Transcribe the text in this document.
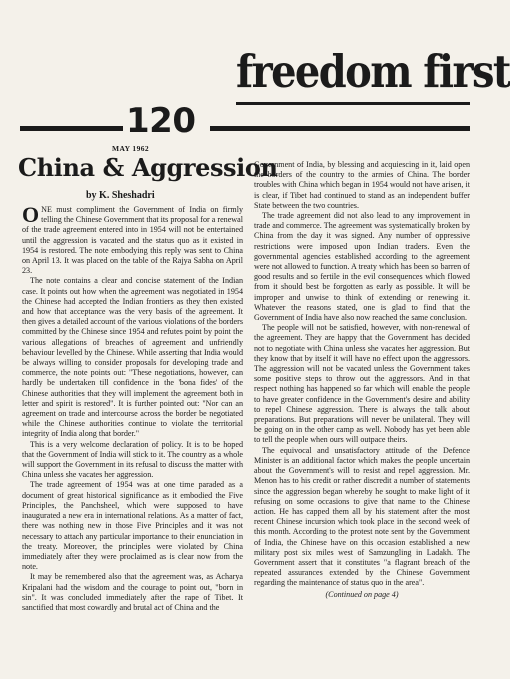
freedom first
120
MAY 1962
China & Aggression
by K. Sheshadri

ONE must compliment the Government of India on firmly telling the Chinese Government that its proposal for a renewal of the trade agreement entered into in 1954 will not be entertained until the aggression is vacated and the status quo as it existed in 1954 is restored. The note embodying this reply was sent to China on April 13. It was placed on the table of the Rajya Sabha on April 23.

The note contains a clear and concise statement of the Indian case. It points out how when the agreement was negotiated in 1954 the Chinese had accepted the Indian frontiers as they then existed and how that acceptance was the very basis of the agreement. It then gives a detailed account of the various violations of the borders committed by the Chinese since 1954 and refutes point by point the various allegations of breaches of agreement and unfriendly behaviour levelled by the Chinese. While asserting that India would be always willing to consider proposals for developing trade and commerce, the note points out: "These negotiations, however, can hardly be undertaken till confidence in the 'bona fides' of the Chinese authorities that they will implement the agreement both in letter and spirit is restored". It is further pointed out: "Nor can an agreement on trade and intercourse across the border be negotiated while the Chinese authorities continue to violate the territorial integrity of India along that border."

This is a very welcome declaration of policy. It is to be hoped that the Government of India will stick to it. The country as a whole will support the Government in its refusal to discuss the matter with China unless she vacates her aggression.

The trade agreement of 1954 was at one time paraded as a document of great historical significance as it embodied the Five Principles, the Panchsheel, which were supposed to have inaugurated a new era in international relations. As a matter of fact, there was nothing new in those Five Principles and it was not necessary to attach any particular importance to their enunciation in the treaty. Moreover, the principles were violated by China immediately after they were proclaimed as is clear now from the note.

It may be remembered also that the agreement was, as Acharya Kripalani had the wisdom and the courage to point out, "born in sin". It was concluded immediately after the rape of Tibet. It sanctified that most cowardly and brutal act of China and the

Government of India, by blessing and acquiescing in it, laid open the borders of the country to the armies of China. The border troubles with China which began in 1954 would not have arisen, it is clear, if Tibet had continued to stand as an independent buffer State between the two countries.

The trade agreement did not also lead to any improvement in trade and commerce. The agreement was systematically broken by China from the day it was signed. Any number of oppressive restrictions were imposed upon Indian traders. Even the governmental agencies established according to the agreement were not allowed to function. A treaty which has been so barren of good results and so fertile in the evil consequences which flowed from it should best be forgotten as early as possible. It will be improper and unwise to think of extending or renewing it. Whatever the reasons stated, one is glad to find that the Government of India have also now reached the same conclusion.

The people will not be satisfied, however, with non-renewal of the agreement. They are happy that the Government has decided not to negotiate with China unless she vacates her aggression. But they know that by itself it will have no effect upon the aggressors. The aggression will not be vacated unless the Government takes some positive steps to throw out the aggressors. And in that respect nothing has happened so far which will enable the people to have greater confidence in the Government's desire and ability to repel Chinese aggression. There is always the talk about preparations. But preparations will never be unilateral. They will be going on in the other camp as well. Nobody has yet been able to tell the people when ours will outpace theirs.

The equivocal and unsatisfactory attitude of the Defence Minister is an additional factor which makes the people uncertain about the Government's will to resist and repel aggression. Mr. Menon has to his credit or rather discredit a number of statements since the aggression began whereby he sought to make light of it refusing on some occasions to give that name to the Chinese action. He has capped them all by his statement after the most recent Chinese incursion which took place in the second week of this month. According to the protest note sent by the Government of India, the Chinese have on this occasion established a new military post six miles west of Samzungling in Ladakh. The Government assert that it constitutes "a flagrant breach of the repeated assurances extended by the Chinese Government regarding the maintenance of status quo in the area".

(Continued on page 4)
